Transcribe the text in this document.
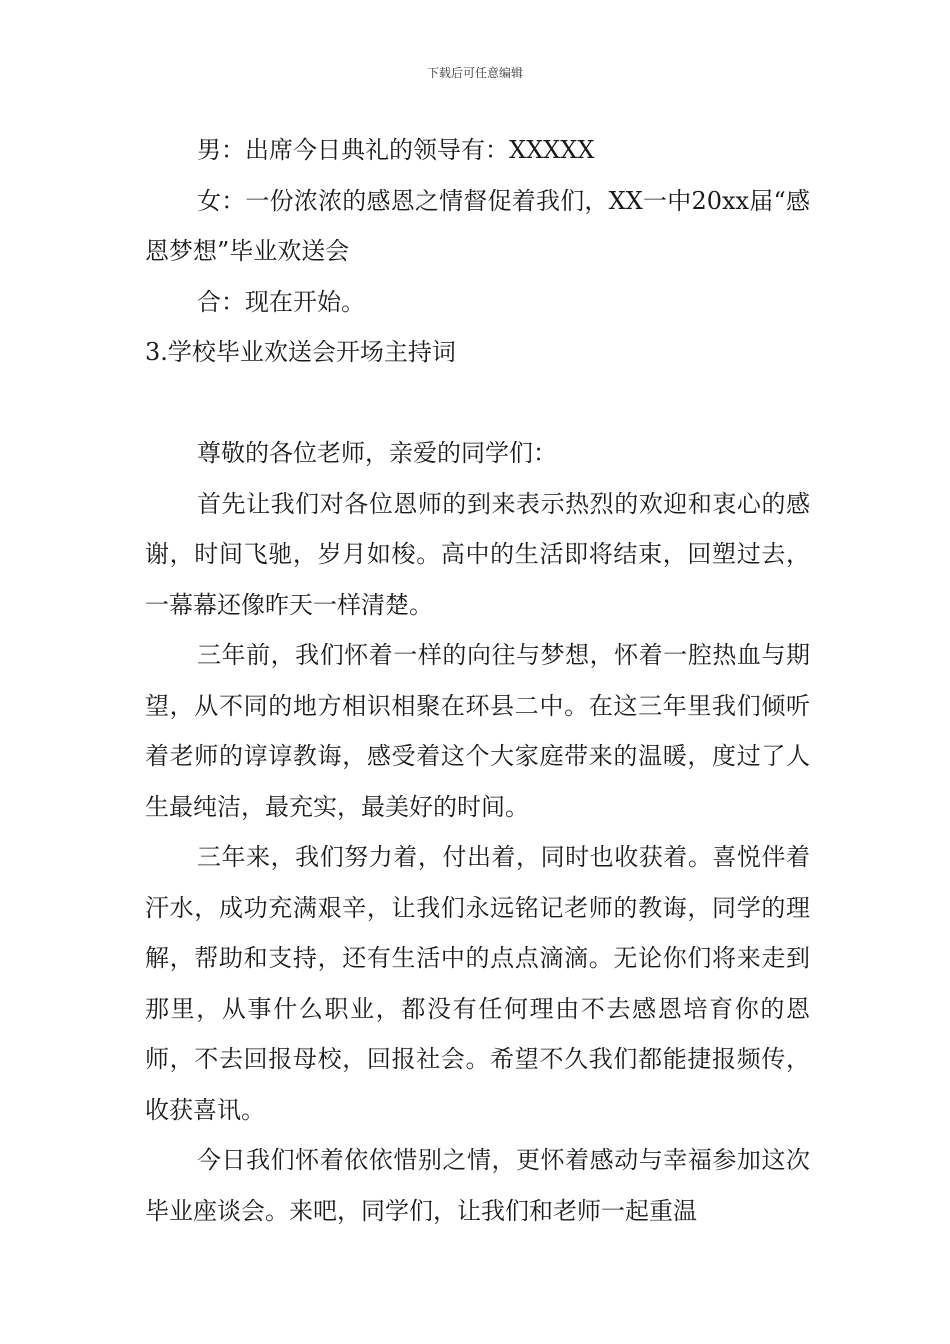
下载后可任意编辑

男：出席今日典礼的领导有：XXXXX

女：一份浓浓的感恩之情督促着我们，XX一中20xx届“感恩梦想”毕业欢送会

合：现在开始。

3.学校毕业欢送会开场主持词

尊敬的各位老师，亲爱的同学们：

首先让我们对各位恩师的到来表示热烈的欢迎和衷心的感谢，时间飞驰，岁月如梭。高中的生活即将结束，回塑过去，一幕幕还像昨天一样清楚。

三年前，我们怀着一样的向往与梦想，怀着一腔热血与期望，从不同的地方相识相聚在环县二中。在这三年里我们倾听着老师的谆谆教诲，感受着这个大家庭带来的温暖，度过了人生最纯洁，最充实，最美好的时间。

三年来，我们努力着，付出着，同时也收获着。喜悦伴着汗水，成功充满艰辛，让我们永远铭记老师的教诲，同学的理解，帮助和支持，还有生活中的点点滴滴。无论你们将来走到那里，从事什么职业，都没有任何理由不去感恩培育你的恩师，不去回报母校，回报社会。希望不久我们都能捷报频传，收获喜讯。

今日我们怀着依依惜别之情，更怀着感动与幸福参加这次毕业座谈会。来吧，同学们，让我们和老师一起重温
